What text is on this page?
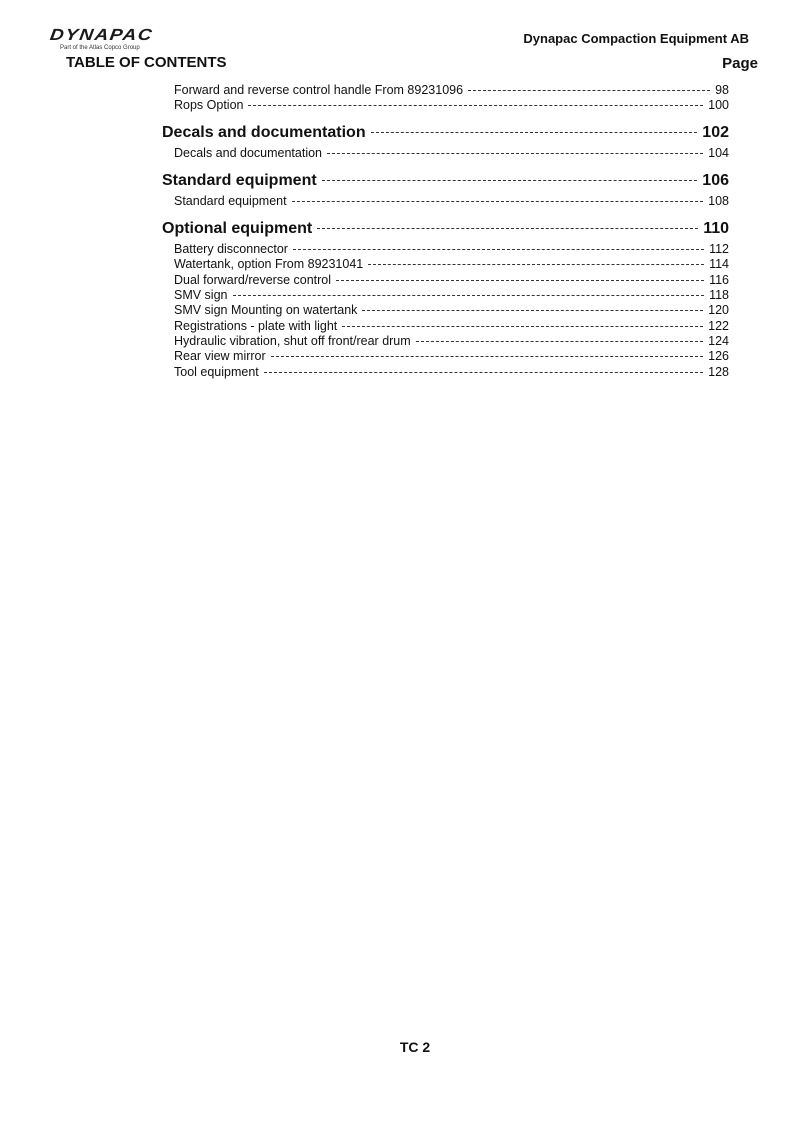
DYNAPAC
Part of the Atlas Copco Group
Dynapac Compaction Equipment AB
TABLE OF CONTENTS	Page
Forward and reverse control handle From 89231096	98
Rops Option	100
Decals and documentation	102
Decals and documentation	104
Standard equipment	106
Standard equipment	108
Optional equipment	110
Battery disconnector	112
Watertank, option From 89231041	114
Dual forward/reverse control	116
SMV sign	118
SMV sign Mounting on watertank	120
Registrations - plate with light	122
Hydraulic vibration, shut off front/rear drum	124
Rear view mirror	126
Tool equipment	128
TC 2
